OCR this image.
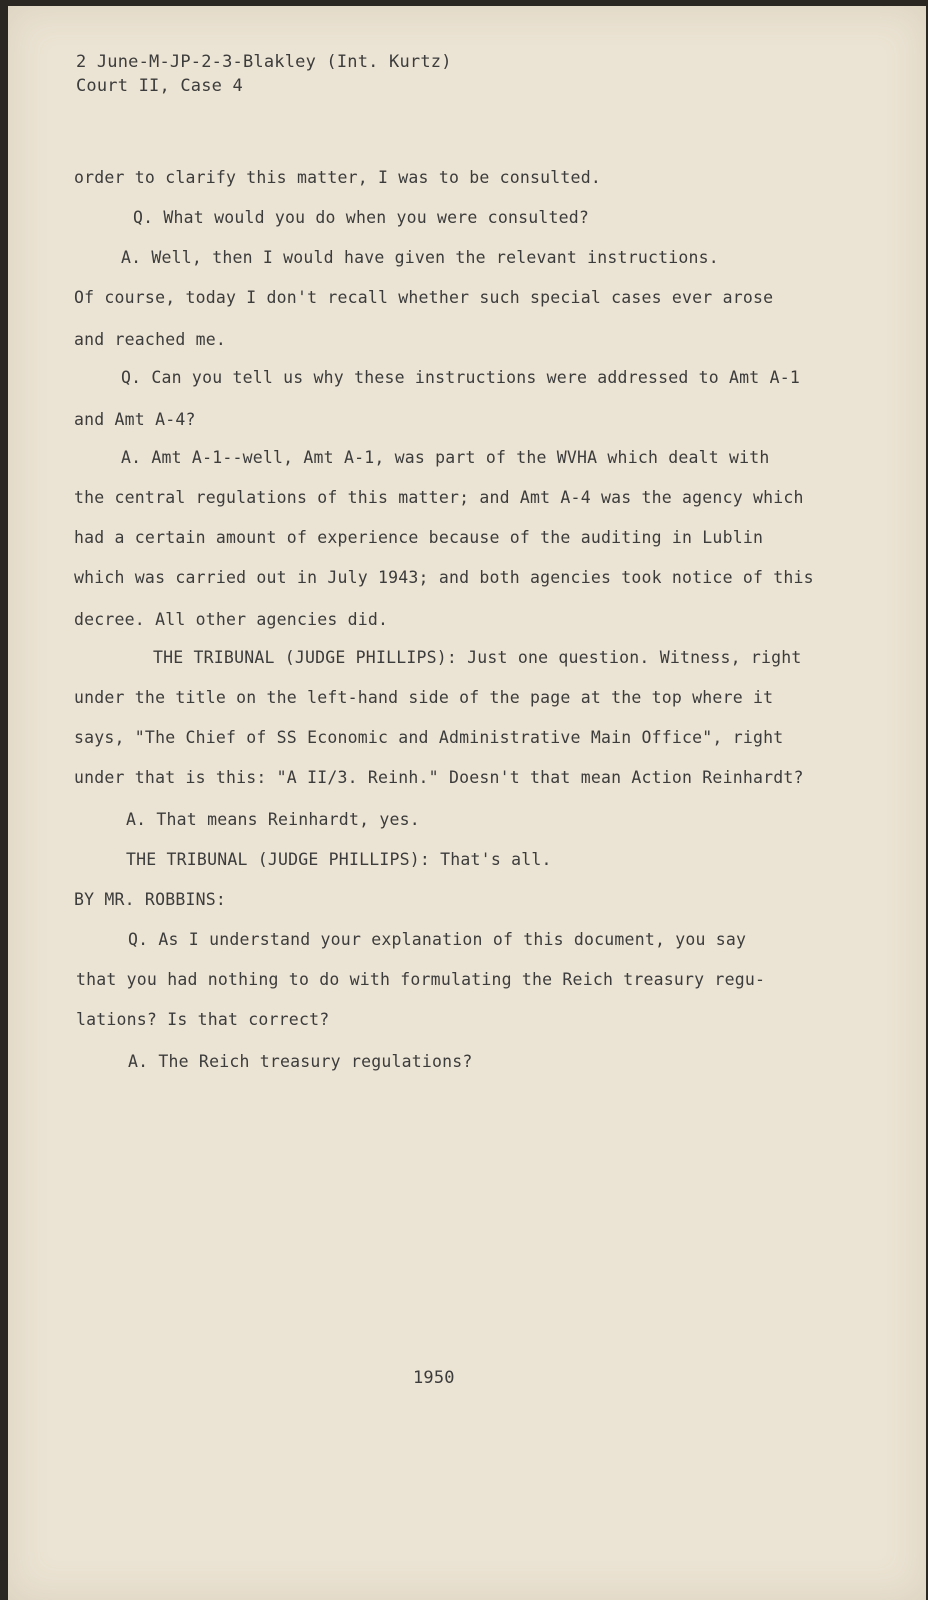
2 June-M-JP-2-3-Blakley (Int. Kurtz)

Court II, Case 4

order to clarify this matter, I was to be consulted.

Q. What would you do when you were consulted?

A. Well, then I would have given the relevant instructions.

Of course, today I don't recall whether such special cases ever arose

and reached me.

Q. Can you tell us why these instructions were addressed to Amt A-1

and Amt A-4?

A. Amt A-1--well, Amt A-1, was part of the WVHA which dealt with

the central regulations of this matter; and Amt A-4 was the agency which

had a certain amount of experience because of the auditing in Lublin

which was carried out in July 1943; and both agencies took notice of this

decree. All other agencies did.

THE TRIBUNAL (JUDGE PHILLIPS): Just one question. Witness, right

under the title on the left-hand side of the page at the top where it

says, "The Chief of SS Economic and Administrative Main Office", right

under that is this: "A II/3. Reinh." Doesn't that mean Action Reinhardt?

A. That means Reinhardt, yes.

THE TRIBUNAL (JUDGE PHILLIPS): That's all.

BY MR. ROBBINS:

Q. As I understand your explanation of this document, you say

that you had nothing to do with formulating the Reich treasury regu-

lations? Is that correct?

A. The Reich treasury regulations?

1950
